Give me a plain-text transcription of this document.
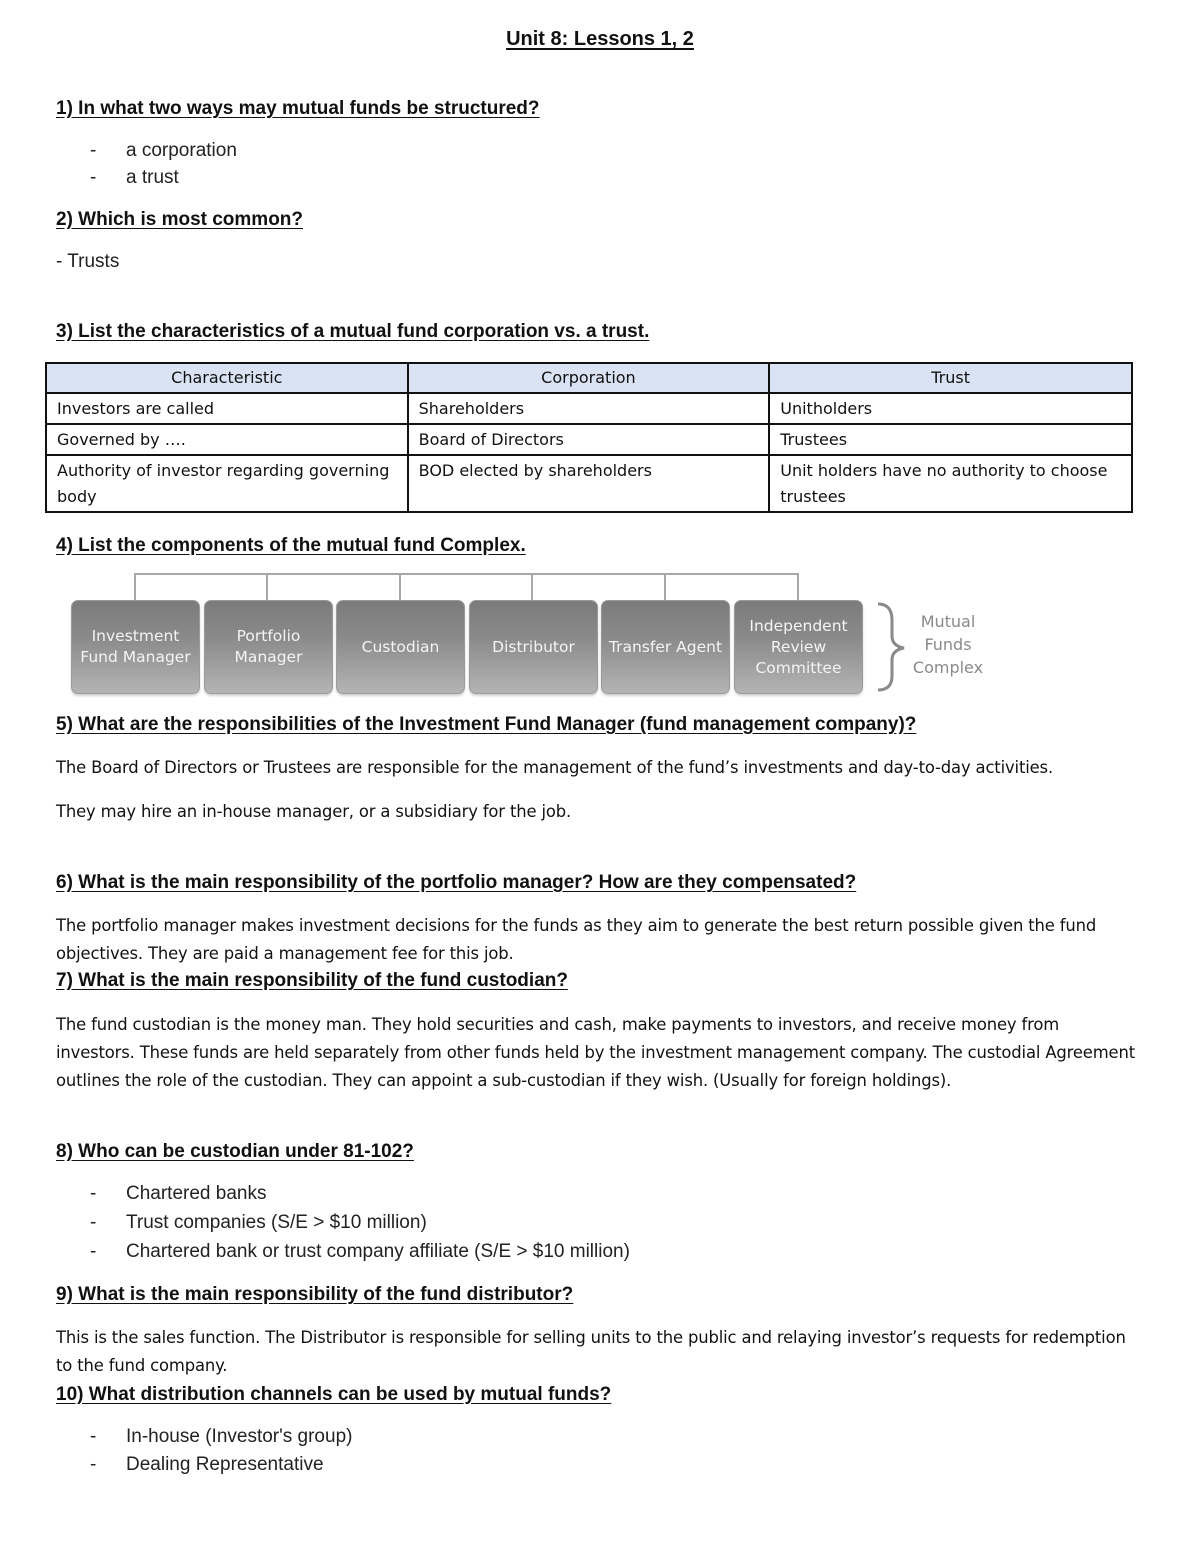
Unit 8: Lessons 1, 2
1) In what two ways may mutual funds be structured?
- a corporation
- a trust
2) Which is most common?
- Trusts
3) List the characteristics of a mutual fund corporation vs. a trust.
Characteristic	Corporation	Trust
Investors are called	Shareholders	Unitholders
Governed by ….	Board of Directors	Trustees
Authority of investor regarding governing body	BOD elected by shareholders	Unit holders have no authority to choose trustees
4) List the components of the mutual fund Complex.
Investment Fund Manager
Portfolio Manager
Custodian	Distributor	Transfer Agent
Independent Review Committee
Mutual Funds Complex
5) What are the responsibilities of the Investment Fund Manager (fund management company)?
The Board of Directors or Trustees are responsible for the management of the fund’s investments and day-to-day activities.
They may hire an in-house manager, or a subsidiary for the job.
6) What is the main responsibility of the portfolio manager? How are they compensated?
The portfolio manager makes investment decisions for the funds as they aim to generate the best return possible given the fund objectives. They are paid a management fee for this job.
7) What is the main responsibility of the fund custodian?
The fund custodian is the money man. They hold securities and cash, make payments to investors, and receive money from investors. These funds are held separately from other funds held by the investment management company. The custodial Agreement outlines the role of the custodian. They can appoint a sub-custodian if they wish. (Usually for foreign holdings).
8) Who can be custodian under 81-102?
- Chartered banks
- Trust companies (S/E > $10 million)
- Chartered bank or trust company affiliate (S/E > $10 million)
9) What is the main responsibility of the fund distributor?
This is the sales function. The Distributor is responsible for selling units to the public and relaying investor’s requests for redemption to the fund company.
10) What distribution channels can be used by mutual funds?
- In-house (Investor's group)
- Dealing Representative
